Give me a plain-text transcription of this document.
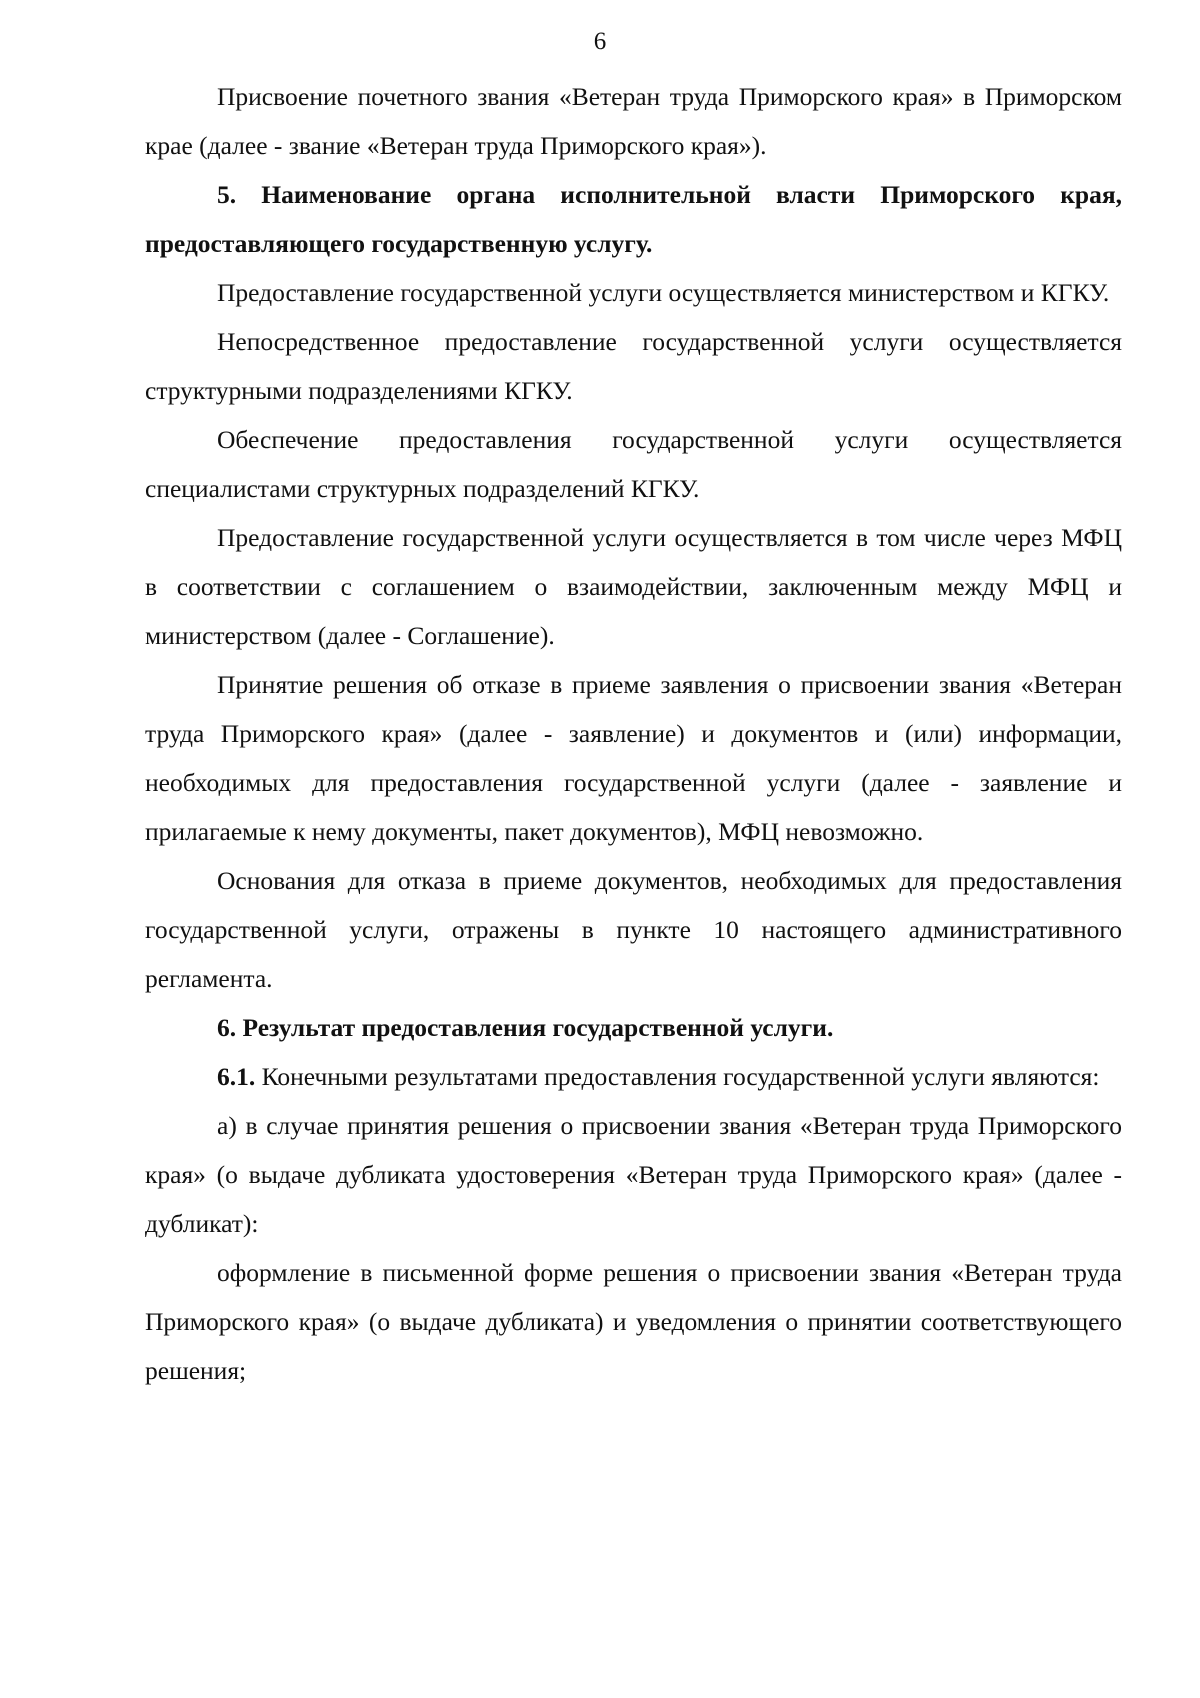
6

Присвоение почетного звания «Ветеран труда Приморского края» в Приморском крае (далее - звание «Ветеран труда Приморского края»).

5. Наименование органа исполнительной власти Приморского края, предоставляющего государственную услугу.

Предоставление государственной услуги осуществляется министерством и КГКУ.

Непосредственное предоставление государственной услуги осуществляется структурными подразделениями КГКУ.

Обеспечение предоставления государственной услуги осуществляется специалистами структурных подразделений КГКУ.

Предоставление государственной услуги осуществляется в том числе через МФЦ в соответствии с соглашением о взаимодействии, заключенным между МФЦ и министерством (далее - Соглашение).

Принятие решения об отказе в приеме заявления о присвоении звания «Ветеран труда Приморского края» (далее - заявление) и документов и (или) информации, необходимых для предоставления государственной услуги (далее - заявление и прилагаемые к нему документы, пакет документов), МФЦ невозможно.

Основания для отказа в приеме документов, необходимых для предоставления государственной услуги, отражены в пункте 10 настоящего административного регламента.

6. Результат предоставления государственной услуги.

6.1. Конечными результатами предоставления государственной услуги являются:

а) в случае принятия решения о присвоении звания «Ветеран труда Приморского края» (о выдаче дубликата удостоверения «Ветеран труда Приморского края» (далее - дубликат):

оформление в письменной форме решения о присвоении звания «Ветеран труда Приморского края» (о выдаче дубликата) и уведомления о принятии соответствующего решения;
